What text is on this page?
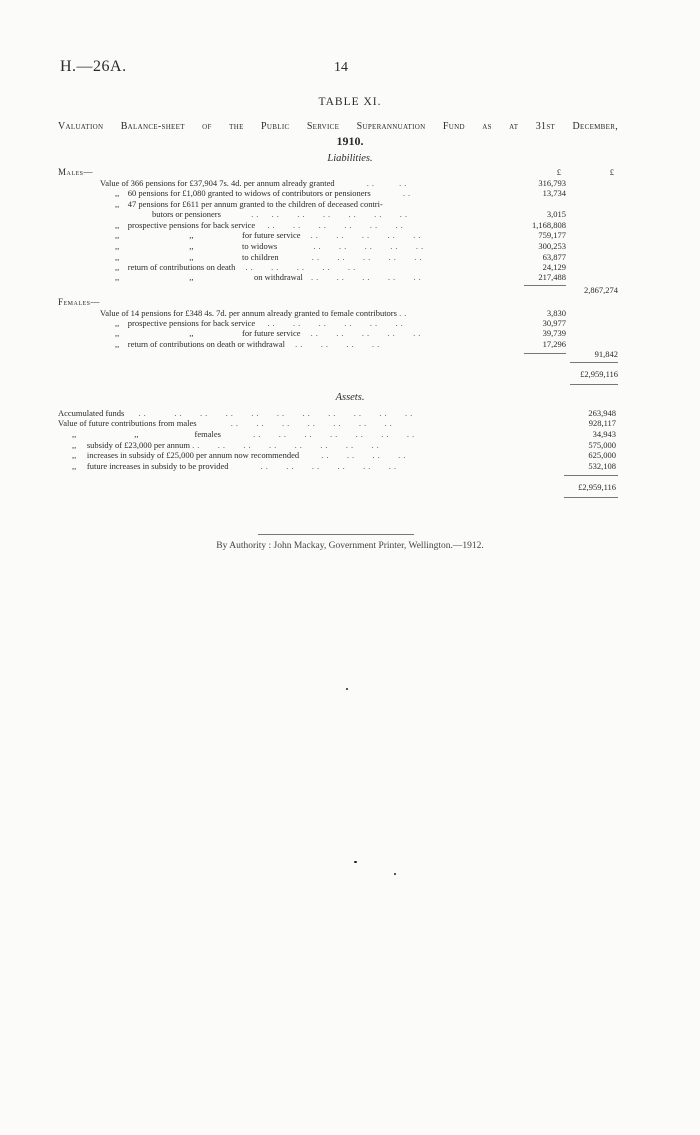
H.—26A.	14
TABLE XI.
Valuation Balance-sheet of the Public Service Superannuation Fund as at 31st December,
1910.
Liabilities.
£	£
Males—
Value of 366 pensions for £37,904 7s. 4d. per annum already granted	..	..	316,793
,, 60 pensions for £1,080 granted to widows of contributors or pensioners	..	13,734
,, 47 pensions for £611 per annum granted to the children of deceased contri-
butors or pensioners	..  ..   ..   ..   ..   ..   ..	3,015
,, prospective pensions for back service ..   ..   ..   ..   ..   ..	1,168,808
,,	,,	for future service ..   ..   ..   ..   ..	759,177
,,	,,	to widows	..   ..   ..   ..   ..	300,253
,,	,,	to children	..   ..   ..   ..   ..	63,877
,, return of contributions on death ..   ..   ..   ..   ..	24,129
,,	,,	on withdrawal ..   ..   ..   ..   ..	217,488
2,867,274
Females—
Value of 14 pensions for £348 4s. 7d. per annum already granted to female contributors ..	3,830
,, prospective pensions for back service ..   ..   ..   ..   ..   ..	30,977
,,	,,	for future service ..   ..   ..   ..   ..	39,739
,, return of contributions on death or withdrawal ..   ..   ..   ..	17,296
91,842
£2,959,116
Assets.
Accumulated funds ..     ..   ..   ..   ..   ..   ..   ..   ..   ..   ..	263,948
Value of future contributions from males	..   ..   ..   ..   ..   ..   ..	928,117
,,	,,	females	..   ..   ..   ..   ..   ..   ..	34,943
,, subsidy of £23,000 per annum ..   ..   ..   ..   ..   ..   ..   ..	575,000
,, increases in subsidy of £25,000 per annum now recommended	..   ..   ..   ..	625,000
,, future increases in subsidy to be provided	..   ..   ..   ..   ..   ..	532,108
£2,959,116
By Authority : John Mackay, Government Printer, Wellington.—1912.
